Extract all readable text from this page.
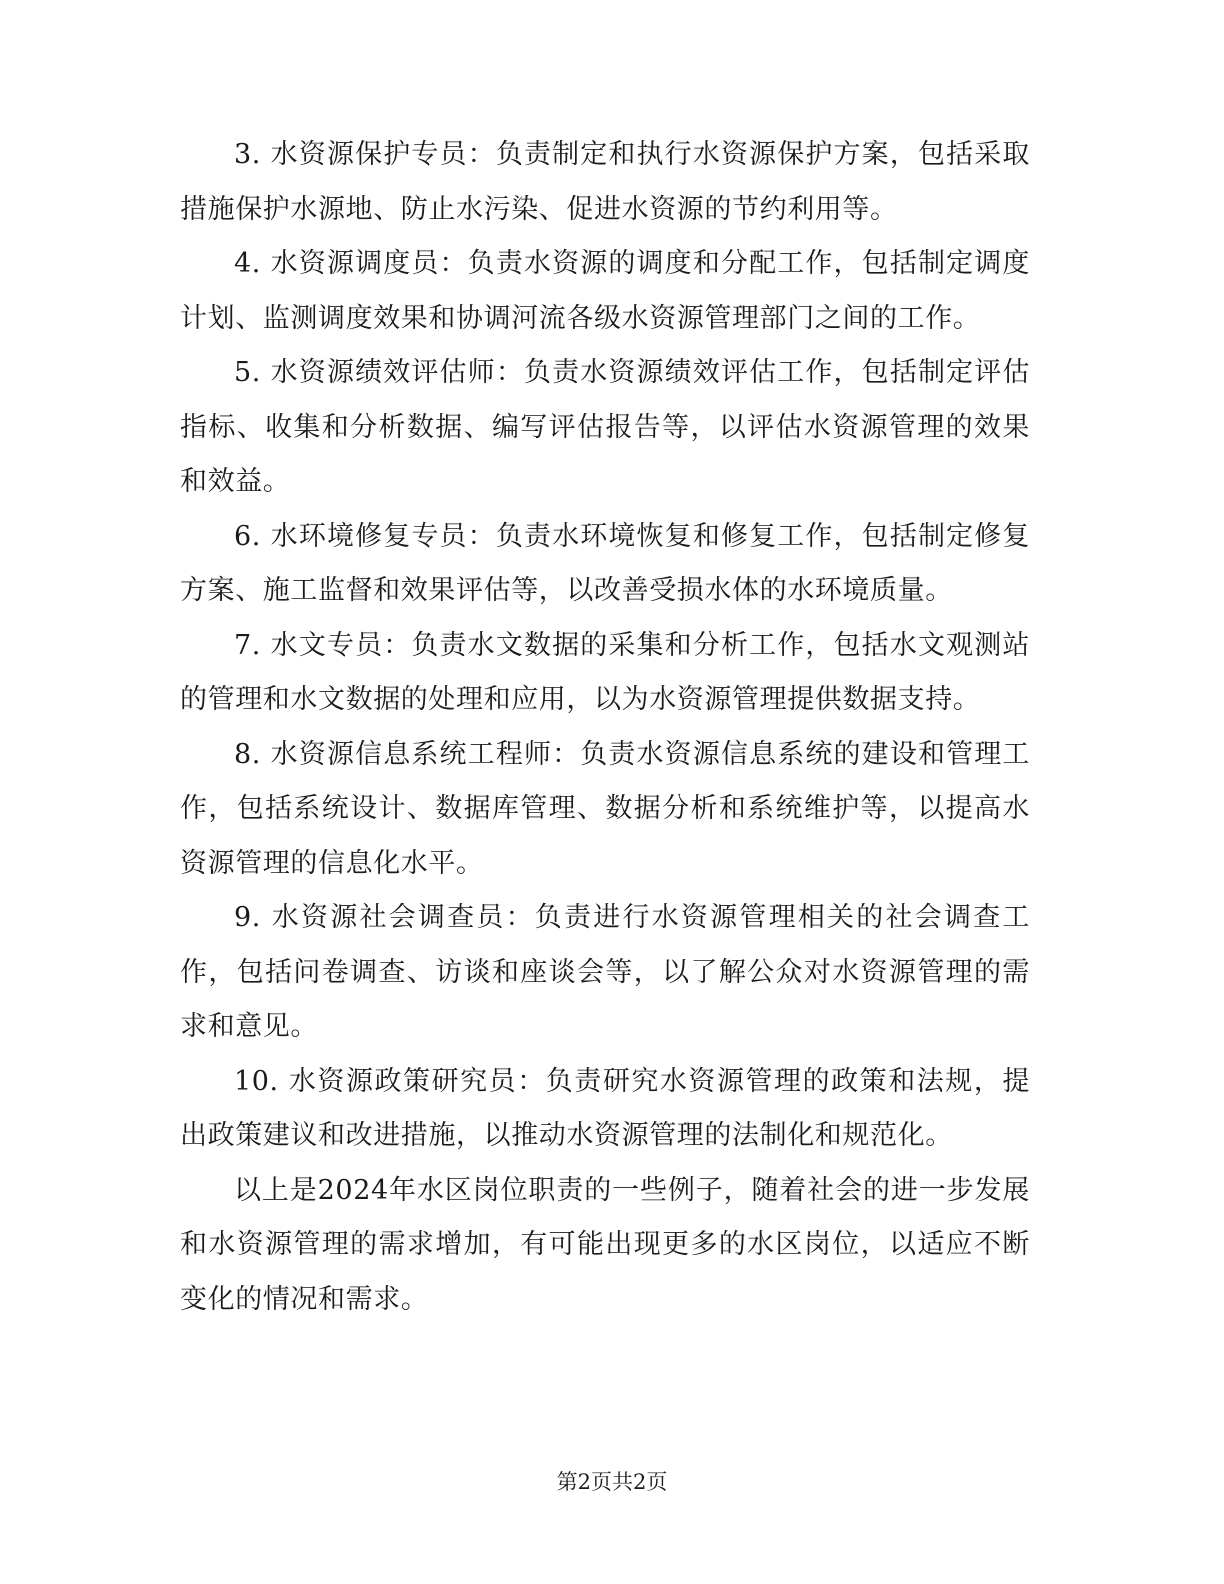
3. 水资源保护专员：负责制定和执行水资源保护方案，包括采取措施保护水源地、防止水污染、促进水资源的节约利用等。

4. 水资源调度员：负责水资源的调度和分配工作，包括制定调度计划、监测调度效果和协调河流各级水资源管理部门之间的工作。

5. 水资源绩效评估师：负责水资源绩效评估工作，包括制定评估指标、收集和分析数据、编写评估报告等，以评估水资源管理的效果和效益。

6. 水环境修复专员：负责水环境恢复和修复工作，包括制定修复方案、施工监督和效果评估等，以改善受损水体的水环境质量。

7. 水文专员：负责水文数据的采集和分析工作，包括水文观测站的管理和水文数据的处理和应用，以为水资源管理提供数据支持。

8. 水资源信息系统工程师：负责水资源信息系统的建设和管理工作，包括系统设计、数据库管理、数据分析和系统维护等，以提高水资源管理的信息化水平。

9. 水资源社会调查员：负责进行水资源管理相关的社会调查工作，包括问卷调查、访谈和座谈会等，以了解公众对水资源管理的需求和意见。

10. 水资源政策研究员：负责研究水资源管理的政策和法规，提出政策建议和改进措施，以推动水资源管理的法制化和规范化。

以上是2024年水区岗位职责的一些例子，随着社会的进一步发展和水资源管理的需求增加，有可能出现更多的水区岗位，以适应不断变化的情况和需求。

第2页共2页
